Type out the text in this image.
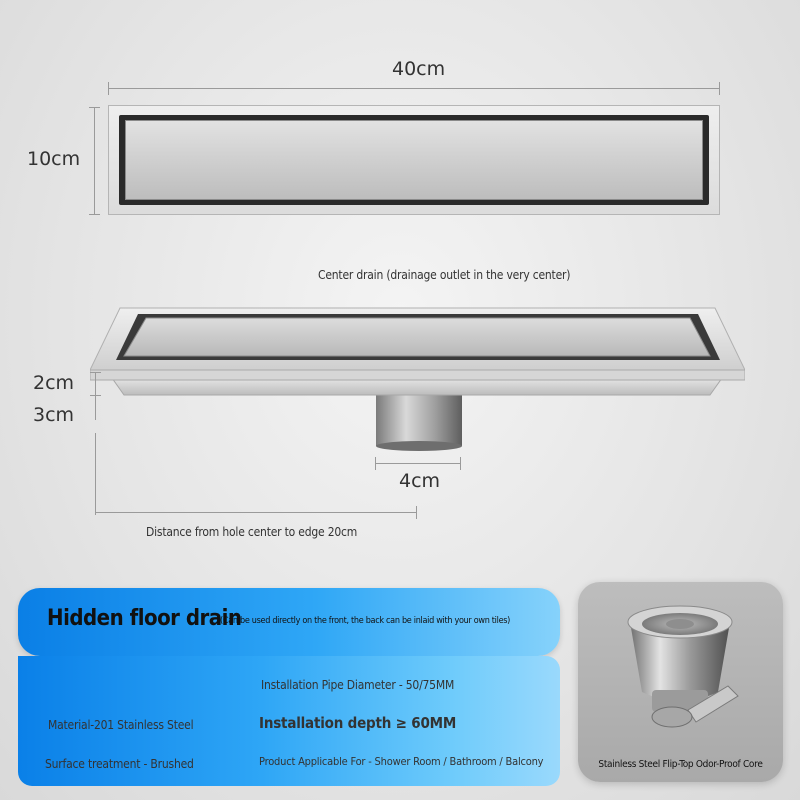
40cm
10cm
Center drain (drainage outlet in the very center)
2cm
3cm
4cm
Distance from hole center to edge 20cm
Hidden floor drain
(Can be used directly on the front, the back can be inlaid with your own tiles)
Installation Pipe Diameter - 50/75MM
Material-201 Stainless Steel	Installation depth ≥ 60MM
Surface treatment - Brushed	Product Applicable For - Shower Room / Bathroom / Balcony	Stainless Steel Flip-Top Odor-Proof Core
